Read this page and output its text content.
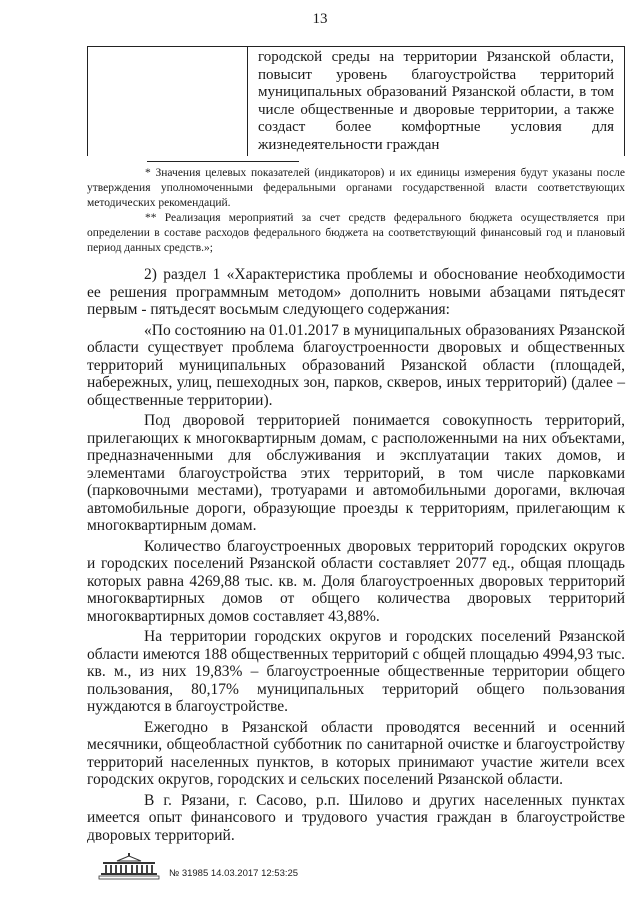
13
городской среды на территории Рязанской области, повысит уровень благоустройства территорий муниципальных образований Рязанской области, в том числе общественные и дворовые территории, а также создаст более комфортные условия для жизнедеятельности граждан

* Значения целевых показателей (индикаторов) и их единицы измерения будут указаны после утверждения уполномоченными федеральными органами государственной власти соответствующих методических рекомендаций.

** Реализация мероприятий за счет средств федерального бюджета осуществляется при определении в составе расходов федерального бюджета на соответствующий финансовый год и плановый период данных средств.»;

2) раздел 1 «Характеристика проблемы и обоснование необходимости ее решения программным методом» дополнить новыми абзацами пятьдесят первым - пятьдесят восьмым следующего содержания:

«По состоянию на 01.01.2017 в муниципальных образованиях Рязанской области существует проблема благоустроенности дворовых и общественных территорий муниципальных образований Рязанской области (площадей, набережных, улиц, пешеходных зон, парков, скверов, иных территорий) (далее – общественные территории).

Под дворовой территорией понимается совокупность территорий, прилегающих к многоквартирным домам, с расположенными на них объектами, предназначенными для обслуживания и эксплуатации таких домов, и элементами благоустройства этих территорий, в том числе парковками (парковочными местами), тротуарами и автомобильными дорогами, включая автомобильные дороги, образующие проезды к территориям, прилегающим к многоквартирным домам.

Количество благоустроенных дворовых территорий городских округов и городских поселений Рязанской области составляет 2077 ед., общая площадь которых равна 4269,88 тыс. кв. м. Доля благоустроенных дворовых территорий многоквартирных домов от общего количества дворовых территорий многоквартирных домов составляет 43,88%.

На территории городских округов и городских поселений Рязанской области имеются 188 общественных территорий с общей площадью 4994,93 тыс. кв. м., из них 19,83% – благоустроенные общественные территории общего пользования, 80,17% муниципальных территорий общего пользования нуждаются в благоустройстве.

Ежегодно в Рязанской области проводятся весенний и осенний месячники, общеобластной субботник по санитарной очистке и благоустройству территорий населенных пунктов, в которых принимают участие жители всех городских округов, городских и сельских поселений Рязанской области.

В г. Рязани, г. Сасово, р.п. Шилово и других населенных пунктах имеется опыт финансового и трудового участия граждан в благоустройстве дворовых территорий.

№ 31985 14.03.2017 12:53:25
